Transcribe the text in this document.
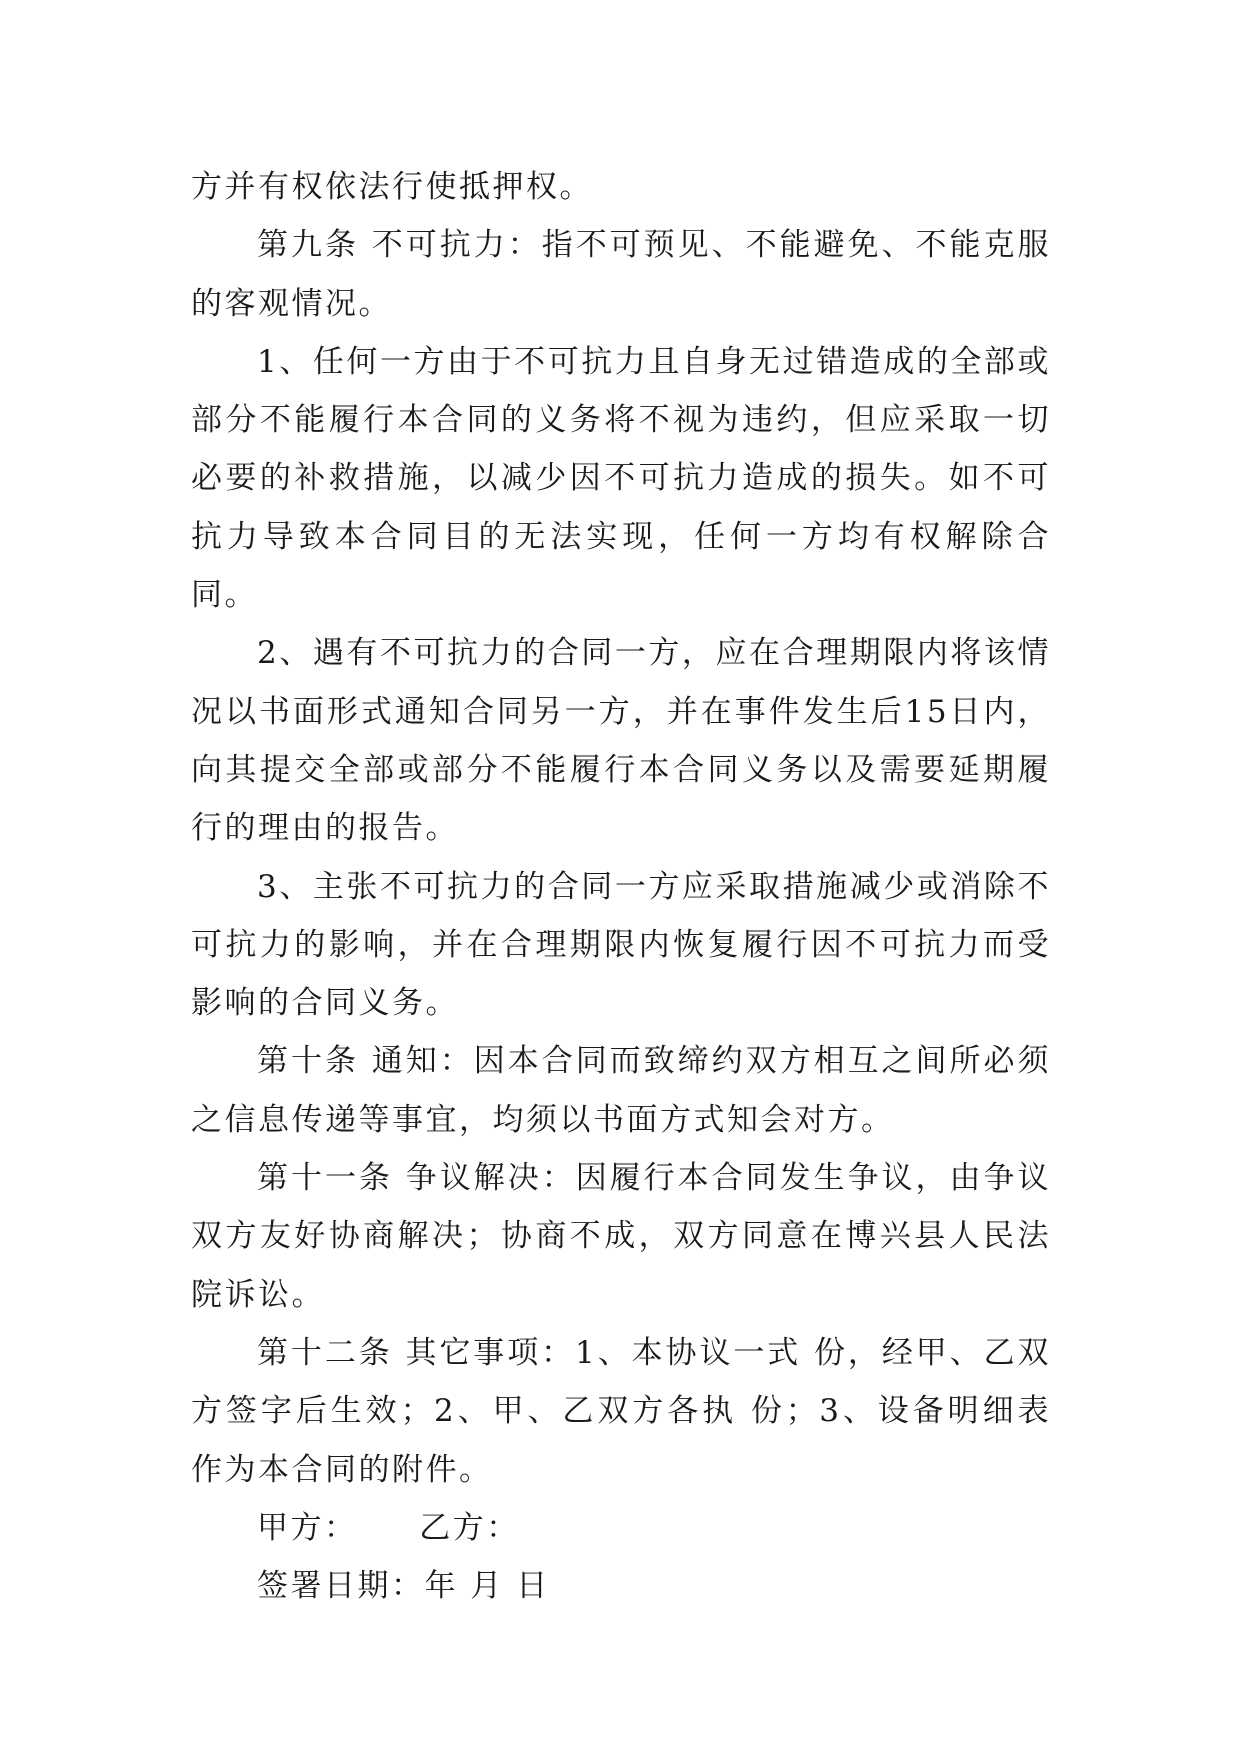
方并有权依法行使抵押权。

第九条 不可抗力：指不可预见、不能避免、不能克服的客观情况。

1、任何一方由于不可抗力且自身无过错造成的全部或部分不能履行本合同的义务将不视为违约，但应采取一切必要的补救措施，以减少因不可抗力造成的损失。如不可抗力导致本合同目的无法实现，任何一方均有权解除合同。

2、遇有不可抗力的合同一方，应在合理期限内将该情况以书面形式通知合同另一方，并在事件发生后15日内，向其提交全部或部分不能履行本合同义务以及需要延期履行的理由的报告。

3、主张不可抗力的合同一方应采取措施减少或消除不可抗力的影响，并在合理期限内恢复履行因不可抗力而受影响的合同义务。

第十条 通知：因本合同而致缔约双方相互之间所必须之信息传递等事宜，均须以书面方式知会对方。

第十一条 争议解决：因履行本合同发生争议，由争议双方友好协商解决；协商不成，双方同意在博兴县人民法院诉讼。

第十二条 其它事项：1、本协议一式 份，经甲、乙双方签字后生效；2、甲、乙双方各执 份；3、设备明细表作为本合同的附件。

甲方：     乙方：

签署日期：年 月 日
